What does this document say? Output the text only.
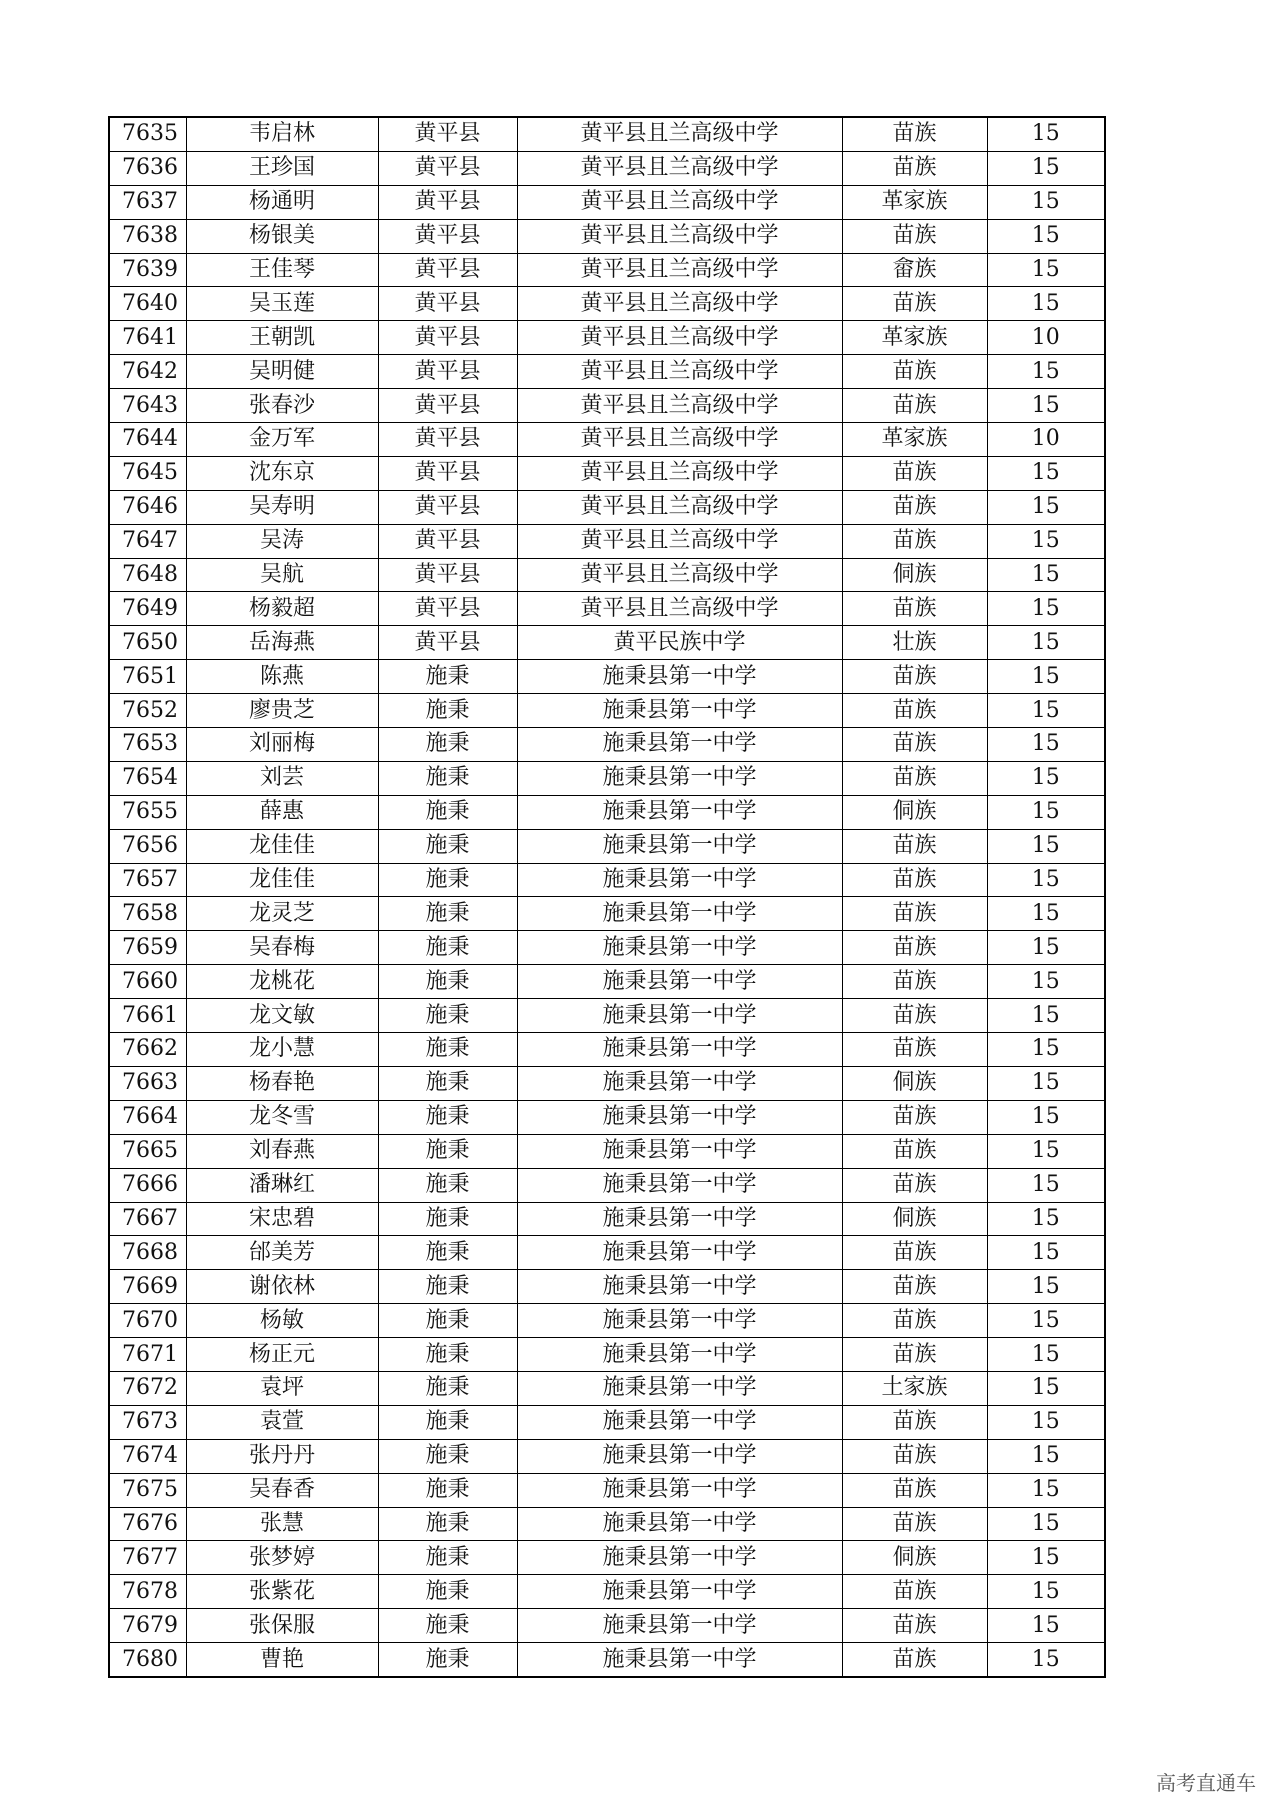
7635	韦启林	黄平县	黄平县且兰高级中学	苗族	15
7636	王珍国	黄平县	黄平县且兰高级中学	苗族	15
7637	杨通明	黄平县	黄平县且兰高级中学	革家族	15
7638	杨银美	黄平县	黄平县且兰高级中学	苗族	15
7639	王佳琴	黄平县	黄平县且兰高级中学	畲族	15
7640	吴玉莲	黄平县	黄平县且兰高级中学	苗族	15
7641	王朝凯	黄平县	黄平县且兰高级中学	革家族	10
7642	吴明健	黄平县	黄平县且兰高级中学	苗族	15
7643	张春沙	黄平县	黄平县且兰高级中学	苗族	15
7644	金万军	黄平县	黄平县且兰高级中学	革家族	10
7645	沈东京	黄平县	黄平县且兰高级中学	苗族	15
7646	吴寿明	黄平县	黄平县且兰高级中学	苗族	15
7647	吴涛	黄平县	黄平县且兰高级中学	苗族	15
7648	吴航	黄平县	黄平县且兰高级中学	侗族	15
7649	杨毅超	黄平县	黄平县且兰高级中学	苗族	15
7650	岳海燕	黄平县	黄平民族中学	壮族	15
7651	陈燕	施秉	施秉县第一中学	苗族	15
7652	廖贵芝	施秉	施秉县第一中学	苗族	15
7653	刘丽梅	施秉	施秉县第一中学	苗族	15
7654	刘芸	施秉	施秉县第一中学	苗族	15
7655	薛惠	施秉	施秉县第一中学	侗族	15
7656	龙佳佳	施秉	施秉县第一中学	苗族	15
7657	龙佳佳	施秉	施秉县第一中学	苗族	15
7658	龙灵芝	施秉	施秉县第一中学	苗族	15
7659	吴春梅	施秉	施秉县第一中学	苗族	15
7660	龙桃花	施秉	施秉县第一中学	苗族	15
7661	龙文敏	施秉	施秉县第一中学	苗族	15
7662	龙小慧	施秉	施秉县第一中学	苗族	15
7663	杨春艳	施秉	施秉县第一中学	侗族	15
7664	龙冬雪	施秉	施秉县第一中学	苗族	15
7665	刘春燕	施秉	施秉县第一中学	苗族	15
7666	潘琳红	施秉	施秉县第一中学	苗族	15
7667	宋忠碧	施秉	施秉县第一中学	侗族	15
7668	邰美芳	施秉	施秉县第一中学	苗族	15
7669	谢依林	施秉	施秉县第一中学	苗族	15
7670	杨敏	施秉	施秉县第一中学	苗族	15
7671	杨正元	施秉	施秉县第一中学	苗族	15
7672	袁坪	施秉	施秉县第一中学	土家族	15
7673	袁萱	施秉	施秉县第一中学	苗族	15
7674	张丹丹	施秉	施秉县第一中学	苗族	15
7675	吴春香	施秉	施秉县第一中学	苗族	15
7676	张慧	施秉	施秉县第一中学	苗族	15
7677	张梦婷	施秉	施秉县第一中学	侗族	15
7678	张紫花	施秉	施秉县第一中学	苗族	15
7679	张保服	施秉	施秉县第一中学	苗族	15
7680	曹艳	施秉	施秉县第一中学	苗族	15
高考直通车
